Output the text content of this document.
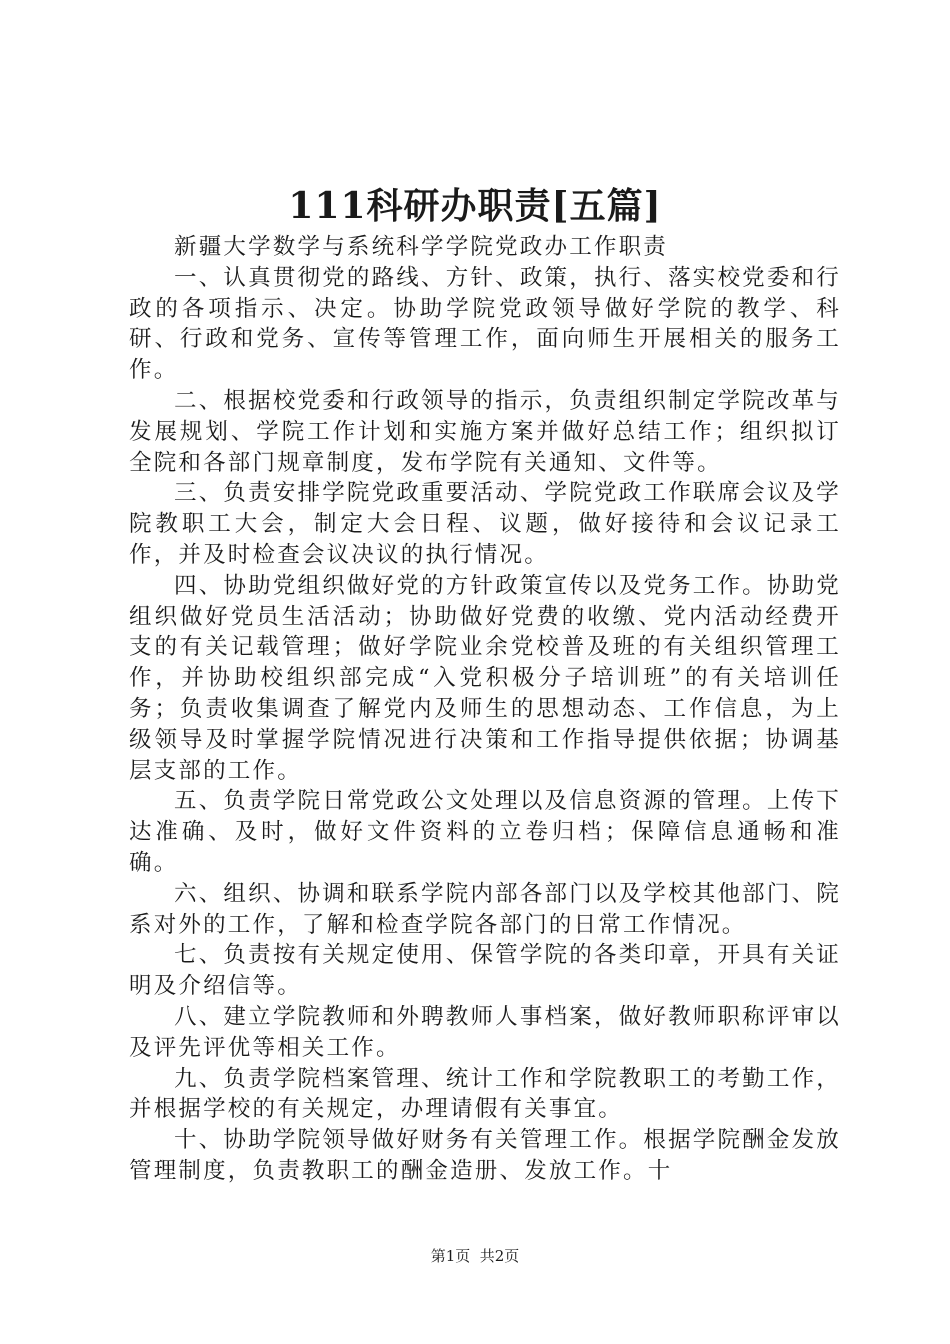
111科研办职责[五篇]

新疆大学数学与系统科学学院党政办工作职责

一、认真贯彻党的路线、方针、政策，执行、落实校党委和行政的各项指示、决定。协助学院党政领导做好学院的教学、科研、行政和党务、宣传等管理工作，面向师生开展相关的服务工作。

二、根据校党委和行政领导的指示，负责组织制定学院改革与发展规划、学院工作计划和实施方案并做好总结工作；组织拟订全院和各部门规章制度，发布学院有关通知、文件等。

三、负责安排学院党政重要活动、学院党政工作联席会议及学院教职工大会，制定大会日程、议题，做好接待和会议记录工作，并及时检查会议决议的执行情况。

四、协助党组织做好党的方针政策宣传以及党务工作。协助党组织做好党员生活活动；协助做好党费的收缴、党内活动经费开支的有关记载管理；做好学院业余党校普及班的有关组织管理工作，并协助校组织部完成“入党积极分子培训班”的有关培训任务；负责收集调查了解党内及师生的思想动态、工作信息，为上级领导及时掌握学院情况进行决策和工作指导提供依据；协调基层支部的工作。

五、负责学院日常党政公文处理以及信息资源的管理。上传下达准确、及时，做好文件资料的立卷归档；保障信息通畅和准确。

六、组织、协调和联系学院内部各部门以及学校其他部门、院系对外的工作，了解和检查学院各部门的日常工作情况。

七、负责按有关规定使用、保管学院的各类印章，开具有关证明及介绍信等。

八、建立学院教师和外聘教师人事档案，做好教师职称评审以及评先评优等相关工作。

九、负责学院档案管理、统计工作和学院教职工的考勤工作，并根据学校的有关规定，办理请假有关事宜。

十、协助学院领导做好财务有关管理工作。根据学院酬金发放管理制度，负责教职工的酬金造册、发放工作。十

第1页  共2页
